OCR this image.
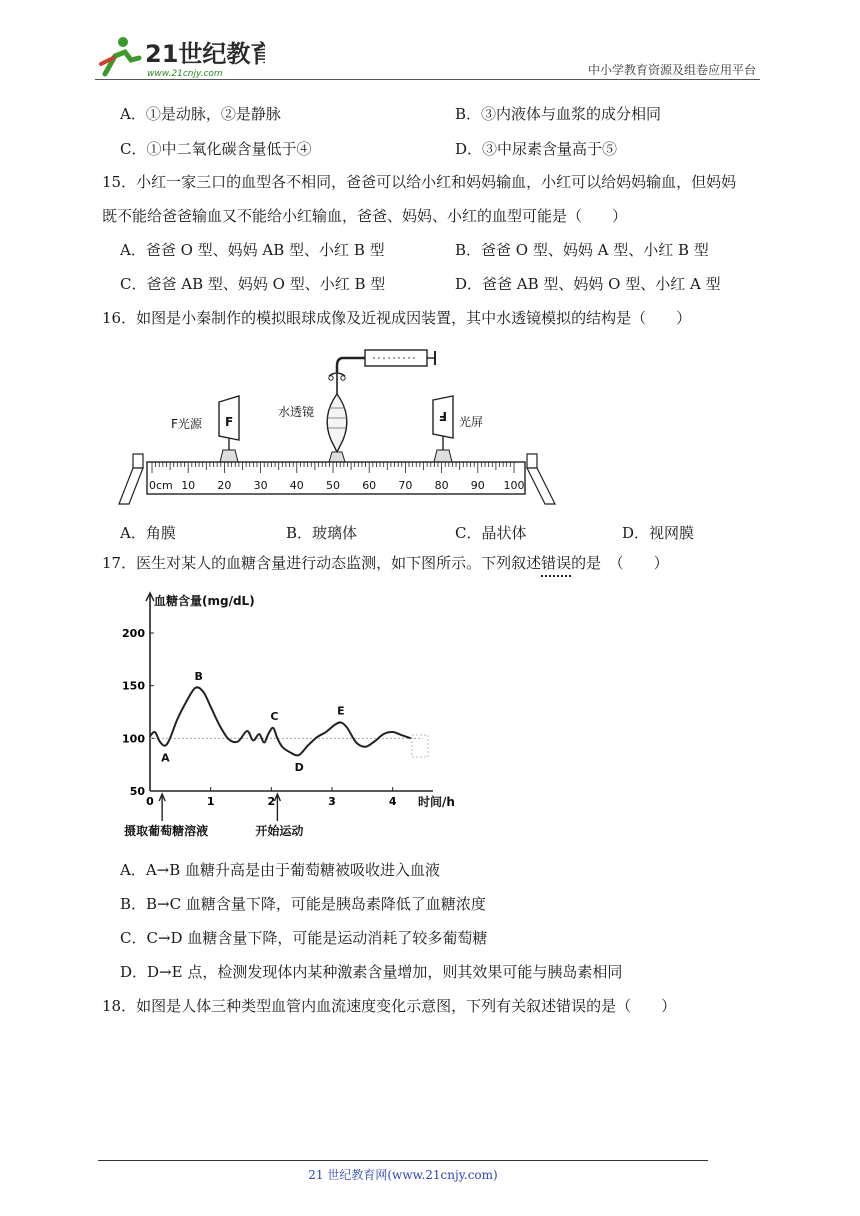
21世纪教育
www.21cnjy.com	中小学教育资源及组卷应用平台
A．①是动脉，②是静脉	B．③内液体与血浆的成分相同
C．①中二氧化碳含量低于④	D．③中尿素含量高于⑤
15．小红一家三口的血型各不相同，爸爸可以给小红和妈妈输血，小红可以给妈妈输血，但妈妈
既不能给爸爸输血又不能给小红输血，爸爸、妈妈、小红的血型可能是（　　）
A．爸爸 O 型、妈妈 AB 型、小红 B 型	B．爸爸 O 型、妈妈 A 型、小红 B 型
C．爸爸 AB 型、妈妈 O 型、小红 B 型	D．爸爸 AB 型、妈妈 O 型、小红 A 型
16．如图是小秦制作的模拟眼球成像及近视成因装置，其中水透镜模拟的结构是（　　）
F
F光源
水透镜	F 光屏
0cm 10 20 30 40 50 60 70 80 90 100
A．角膜	B．玻璃体	C．晶状体	D．视网膜
17．医生对某人的血糖含量进行动态监测，如下图所示。下列叙述错误的是　（　　）
血糖含量(mg/dL)
时间/h
50
100
150
200
0	1	2	3	4
A
B
C
D
E
摄取葡萄糖溶液	开始运动
A．A→B 血糖升高是由于葡萄糖被吸收进入血液
B．B→C 血糖含量下降，可能是胰岛素降低了血糖浓度
C．C→D 血糖含量下降，可能是运动消耗了较多葡萄糖
D．D→E 点，检测发现体内某种激素含量增加，则其效果可能与胰岛素相同
18．如图是人体三种类型血管内血流速度变化示意图，下列有关叙述错误的是（　　）
21 世纪教育网(www.21cnjy.com)
